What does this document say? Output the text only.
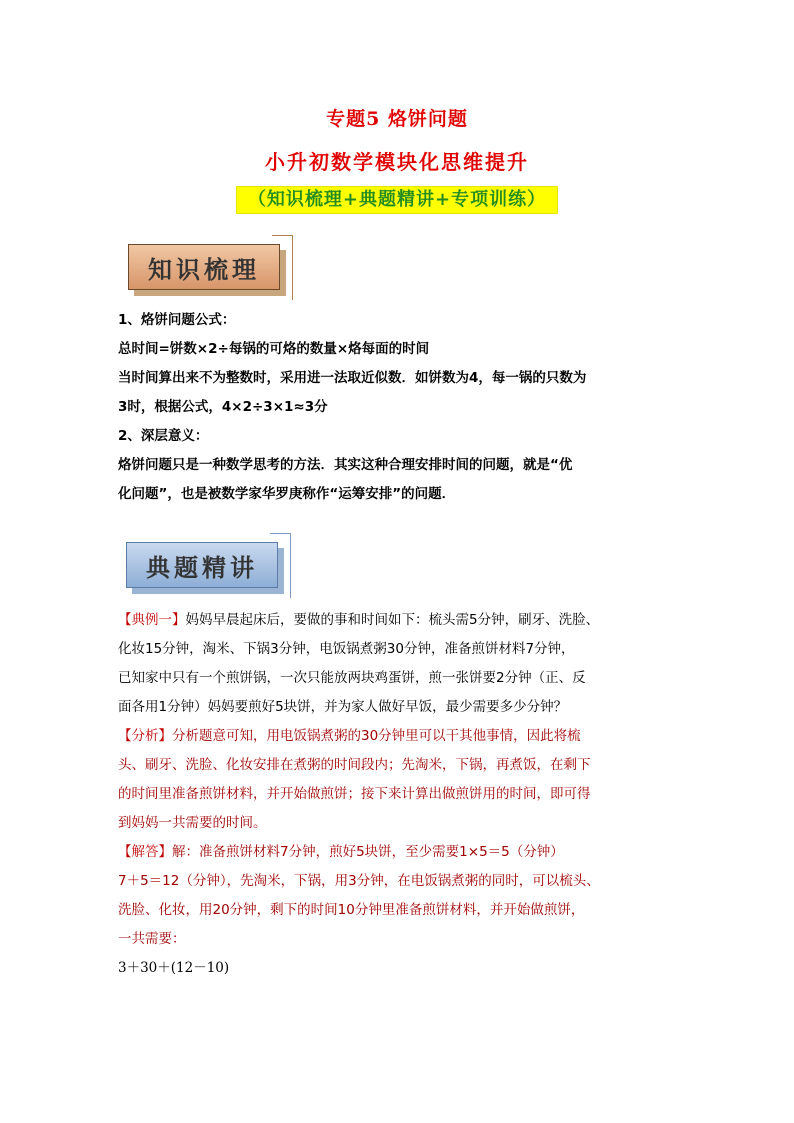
专题5 烙饼问题
小升初数学模块化思维提升
（知识梳理+典题精讲+专项训练）
知识梳理
1、烙饼问题公式：
总时间=饼数×2÷每锅的可烙的数量×烙每面的时间
当时间算出来不为整数时，采用进一法取近似数．如饼数为4，每一锅的只数为
3时，根据公式，4×2÷3×1≈3分
2、深层意义：
烙饼问题只是一种数学思考的方法．其实这种合理安排时间的问题，就是“优
化问题”，也是被数学家华罗庚称作“运筹安排”的问题．
典题精讲
【典例一】妈妈早晨起床后，要做的事和时间如下：梳头需5分钟，刷牙、洗脸、
化妆15分钟，淘米、下锅3分钟，电饭锅煮粥30分钟，准备煎饼材料7分钟，
已知家中只有一个煎饼锅，一次只能放两块鸡蛋饼，煎一张饼要2分钟（正、反
面各用1分钟）妈妈要煎好5块饼，并为家人做好早饭，最少需要多少分钟？
【分析】分析题意可知，用电饭锅煮粥的30分钟里可以干其他事情，因此将梳
头、刷牙、洗脸、化妆安排在煮粥的时间段内；先淘米，下锅，再煮饭，在剩下
的时间里准备煎饼材料，并开始做煎饼；接下来计算出做煎饼用的时间，即可得
到妈妈一共需要的时间。
【解答】解：准备煎饼材料7分钟，煎好5块饼，至少需要1×5＝5（分钟）
7＋5＝12（分钟），先淘米，下锅，用3分钟，在电饭锅煮粥的同时，可以梳头、
洗脸、化妆，用20分钟，剩下的时间10分钟里准备煎饼材料，并开始做煎饼，
一共需要：
3＋30＋(12－10)
